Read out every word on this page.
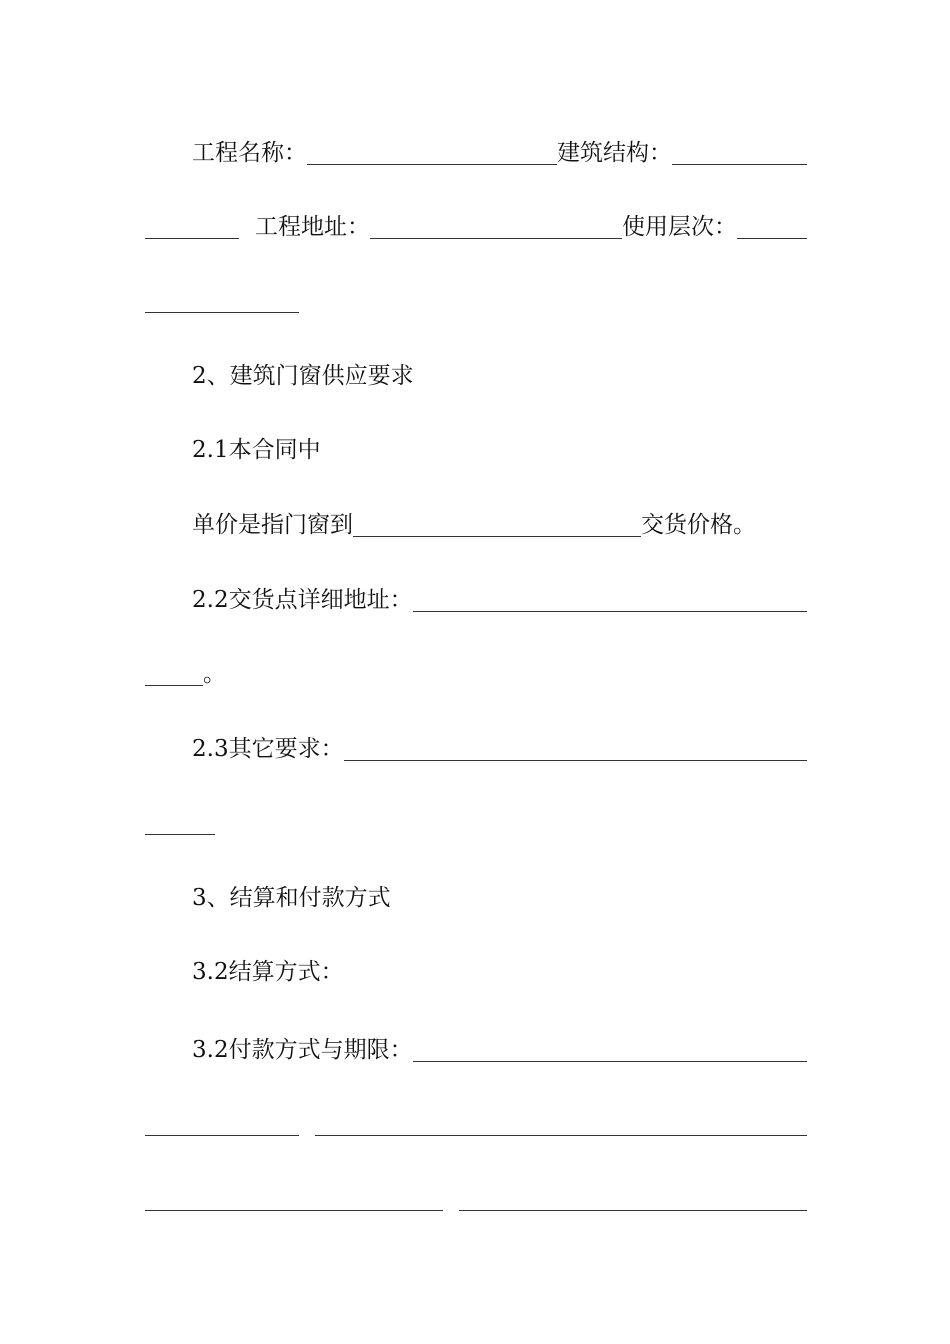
工程名称：	建筑结构：
工程地址：	使用层次：
2、建筑门窗供应要求
2.1本合同中
单价是指门窗到	交货价格。
2.2交货点详细地址：
。
2.3其它要求：
3、结算和付款方式
3.2结算方式：
3.2付款方式与期限：
